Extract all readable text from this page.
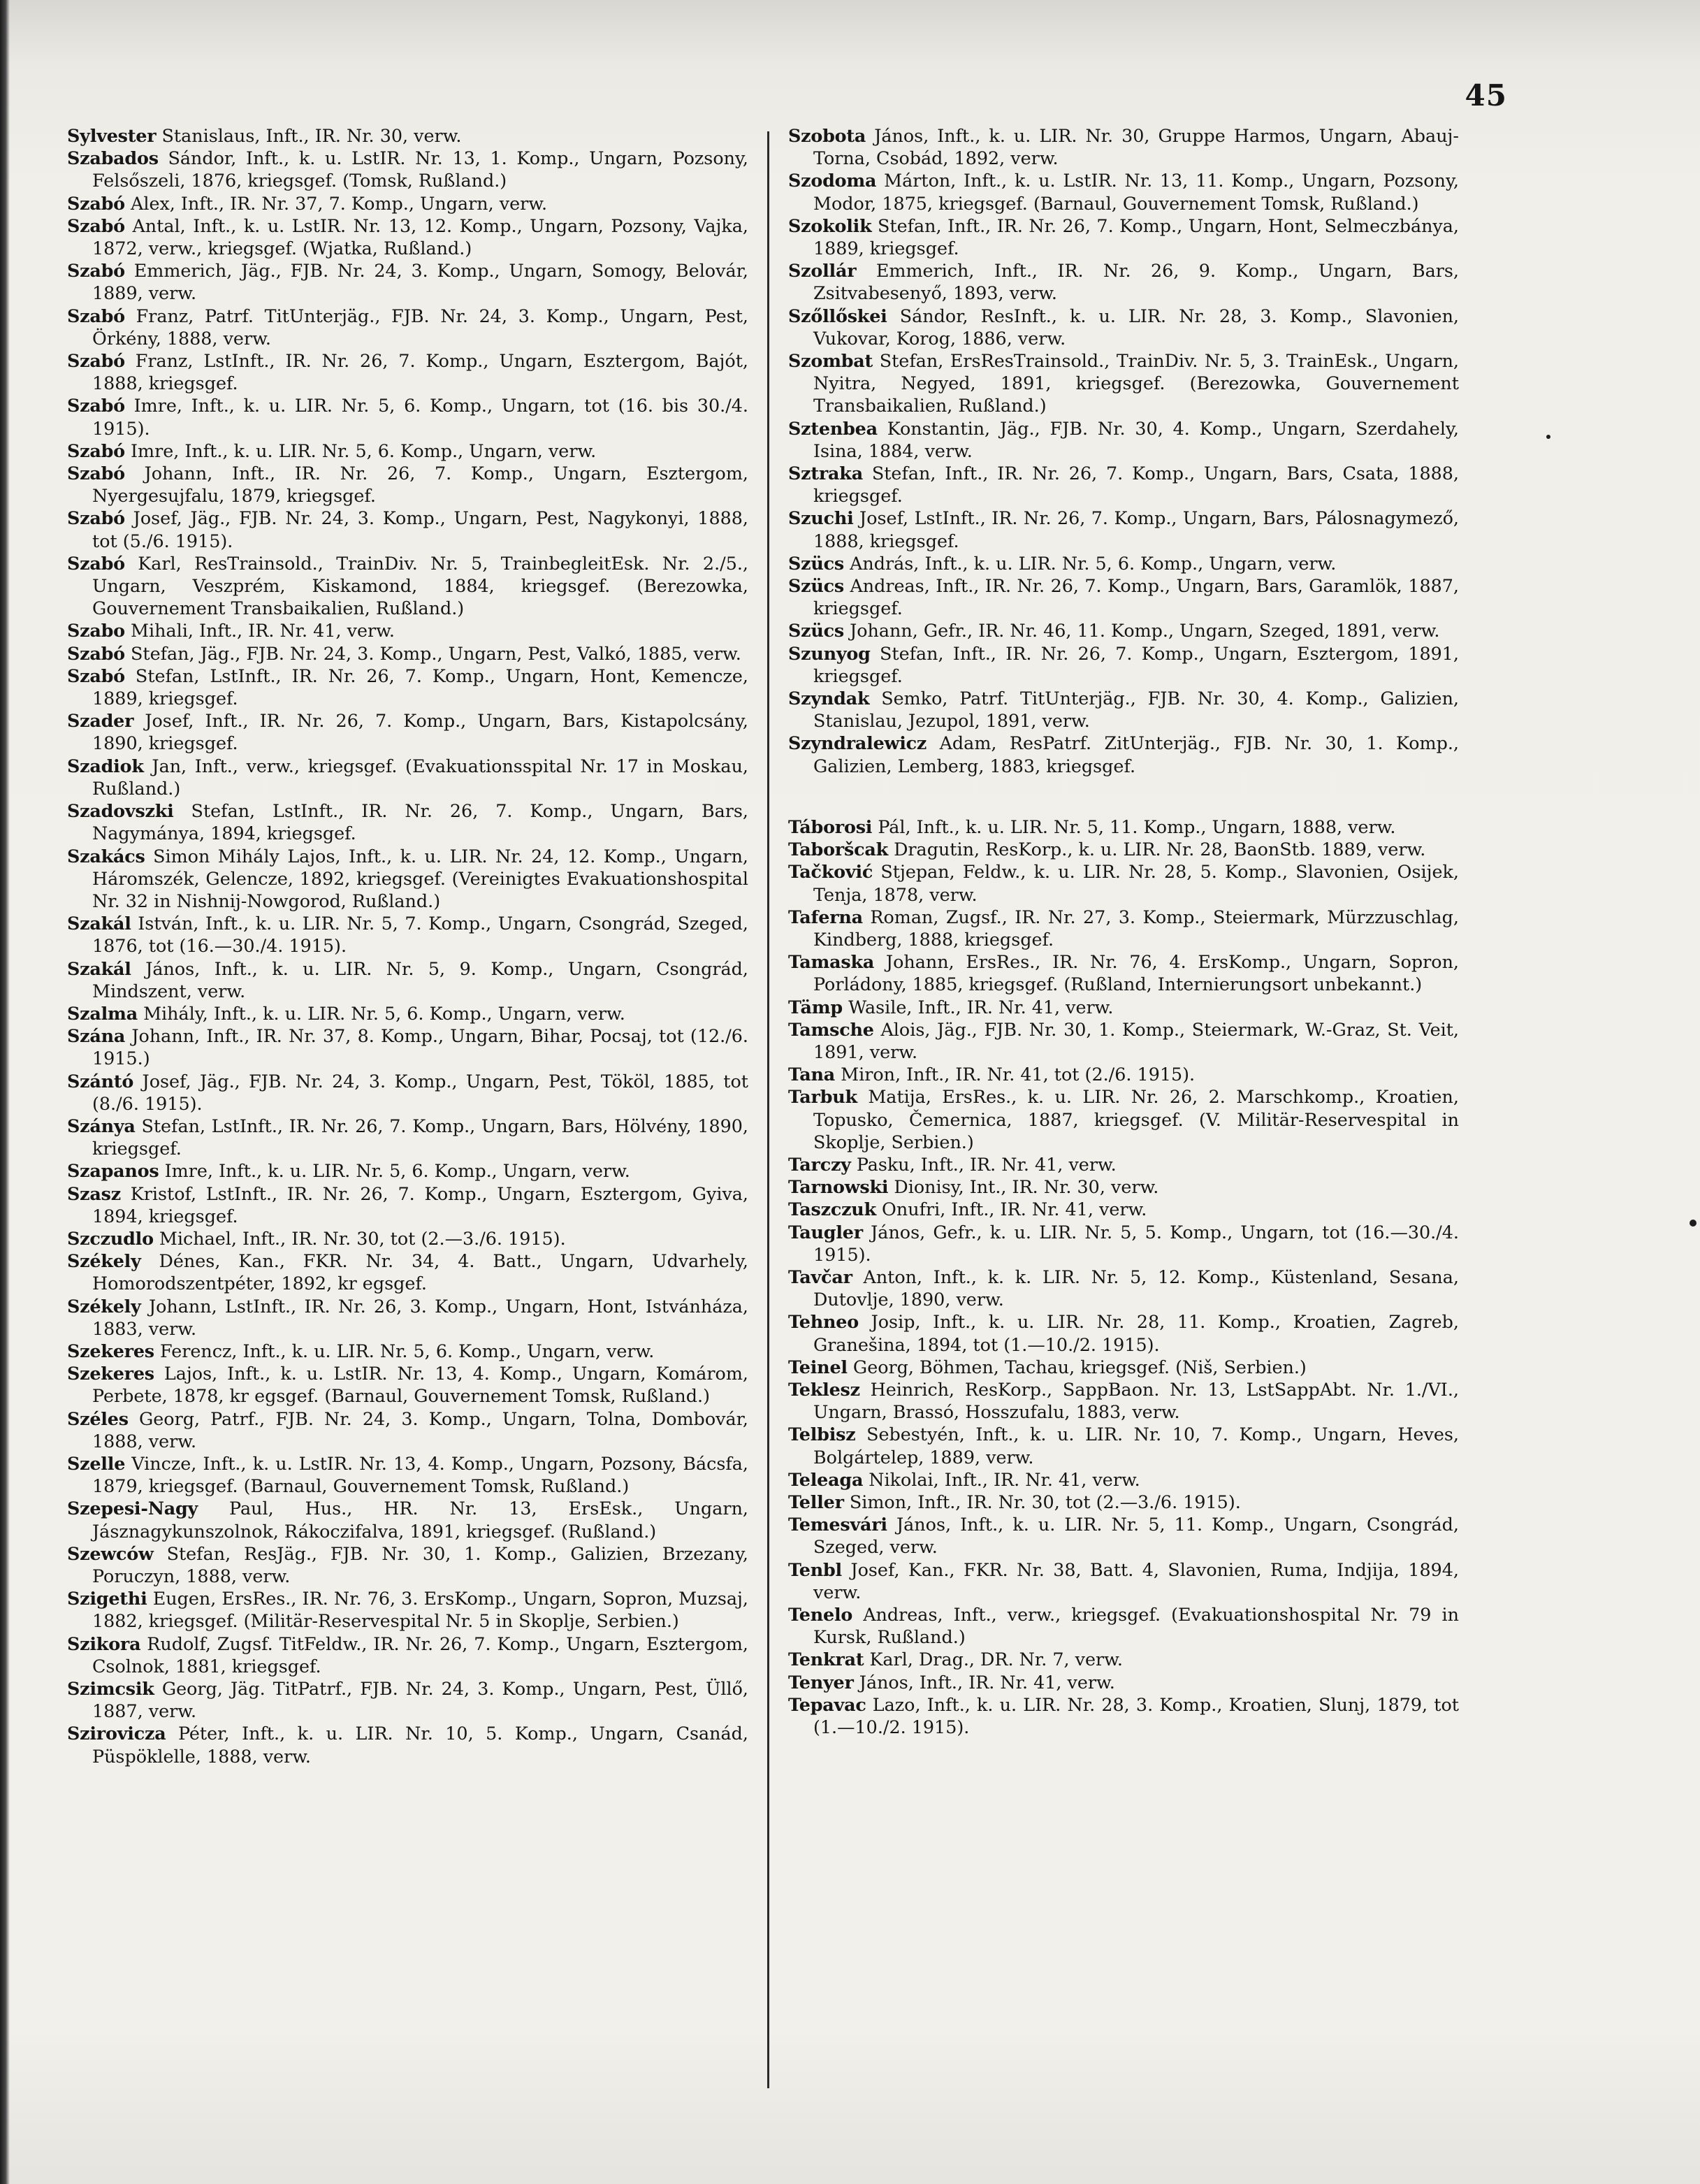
45

Sylvester Stanislaus, Inft., IR. Nr. 30, verw.

Szabados Sándor, Inft., k. u. LstIR. Nr. 13, 1. Komp., Ungarn, Pozsony, Felsőszeli, 1876, kriegsgef. (Tomsk, Rußland.)

Szabó Alex, Inft., IR. Nr. 37, 7. Komp., Ungarn, verw.

Szabó Antal, Inft., k. u. LstIR. Nr. 13, 12. Komp., Ungarn, Pozsony, Vajka, 1872, verw., kriegsgef. (Wjatka, Rußland.)

Szabó Emmerich, Jäg., FJB. Nr. 24, 3. Komp., Ungarn, Somogy, Belovár, 1889, verw.

Szabó Franz, Patrf. TitUnterjäg., FJB. Nr. 24, 3. Komp., Ungarn, Pest, Örkény, 1888, verw.

Szabó Franz, LstInft., IR. Nr. 26, 7. Komp., Ungarn, Esztergom, Bajót, 1888, kriegsgef.

Szabó Imre, Inft., k. u. LIR. Nr. 5, 6. Komp., Ungarn, tot (16. bis 30./4. 1915).

Szabó Imre, Inft., k. u. LIR. Nr. 5, 6. Komp., Ungarn, verw.

Szabó Johann, Inft., IR. Nr. 26, 7. Komp., Ungarn, Esztergom, Nyergesujfalu, 1879, kriegsgef.

Szabó Josef, Jäg., FJB. Nr. 24, 3. Komp., Ungarn, Pest, Nagykonyi, 1888, tot (5./6. 1915).

Szabó Karl, ResTrainsold., TrainDiv. Nr. 5, TrainbegleitEsk. Nr. 2./5., Ungarn, Veszprém, Kiskamond, 1884, kriegsgef. (Berezowka, Gouvernement Transbaikalien, Rußland.)

Szabo Mihali, Inft., IR. Nr. 41, verw.

Szabó Stefan, Jäg., FJB. Nr. 24, 3. Komp., Ungarn, Pest, Valkó, 1885, verw.

Szabó Stefan, LstInft., IR. Nr. 26, 7. Komp., Ungarn, Hont, Kemencze, 1889, kriegsgef.

Szader Josef, Inft., IR. Nr. 26, 7. Komp., Ungarn, Bars, Kistapolcsány, 1890, kriegsgef.

Szadiok Jan, Inft., verw., kriegsgef. (Evakuationsspital Nr. 17 in Moskau, Rußland.)

Szadovszki Stefan, LstInft., IR. Nr. 26, 7. Komp., Ungarn, Bars, Nagymánya, 1894, kriegsgef.

Szakács Simon Mihály Lajos, Inft., k. u. LIR. Nr. 24, 12. Komp., Ungarn, Háromszék, Gelencze, 1892, kriegsgef. (Vereinigtes Evakuationshospital Nr. 32 in Nishnij-Nowgorod, Rußland.)

Szakál István, Inft., k. u. LIR. Nr. 5, 7. Komp., Ungarn, Csongrád, Szeged, 1876, tot (16.—30./4. 1915).

Szakál János, Inft., k. u. LIR. Nr. 5, 9. Komp., Ungarn, Csongrád, Mindszent, verw.

Szalma Mihály, Inft., k. u. LIR. Nr. 5, 6. Komp., Ungarn, verw.

Szána Johann, Inft., IR. Nr. 37, 8. Komp., Ungarn, Bihar, Pocsaj, tot (12./6. 1915.)

Szántó Josef, Jäg., FJB. Nr. 24, 3. Komp., Ungarn, Pest, Tököl, 1885, tot (8./6. 1915).

Szánya Stefan, LstInft., IR. Nr. 26, 7. Komp., Ungarn, Bars, Hölvény, 1890, kriegsgef.

Szapanos Imre, Inft., k. u. LIR. Nr. 5, 6. Komp., Ungarn, verw.

Szasz Kristof, LstInft., IR. Nr. 26, 7. Komp., Ungarn, Esztergom, Gyiva, 1894, kriegsgef.

Szczudlo Michael, Inft., IR. Nr. 30, tot (2.—3./6. 1915).

Székely Dénes, Kan., FKR. Nr. 34, 4. Batt., Ungarn, Udvarhely, Homorodszentpéter, 1892, kr egsgef.

Székely Johann, LstInft., IR. Nr. 26, 3. Komp., Ungarn, Hont, Istvánháza, 1883, verw.

Szekeres Ferencz, Inft., k. u. LIR. Nr. 5, 6. Komp., Ungarn, verw.

Szekeres Lajos, Inft., k. u. LstIR. Nr. 13, 4. Komp., Ungarn, Komárom, Perbete, 1878, kr egsgef. (Barnaul, Gouvernement Tomsk, Rußland.)

Széles Georg, Patrf., FJB. Nr. 24, 3. Komp., Ungarn, Tolna, Dombovár, 1888, verw.

Szelle Vincze, Inft., k. u. LstIR. Nr. 13, 4. Komp., Ungarn, Pozsony, Bácsfa, 1879, kriegsgef. (Barnaul, Gouvernement Tomsk, Rußland.)

Szepesi-Nagy Paul, Hus., HR. Nr. 13, ErsEsk., Ungarn, Jásznagykunszolnok, Rákoczifalva, 1891, kriegsgef. (Rußland.)

Szewców Stefan, ResJäg., FJB. Nr. 30, 1. Komp., Galizien, Brzezany, Poruczyn, 1888, verw.

Szigethi Eugen, ErsRes., IR. Nr. 76, 3. ErsKomp., Ungarn, Sopron, Muzsaj, 1882, kriegsgef. (Militär-Reservespital Nr. 5 in Skoplje, Serbien.)

Szikora Rudolf, Zugsf. TitFeldw., IR. Nr. 26, 7. Komp., Ungarn, Esztergom, Csolnok, 1881, kriegsgef.

Szimcsik Georg, Jäg. TitPatrf., FJB. Nr. 24, 3. Komp., Ungarn, Pest, Üllő, 1887, verw.

Szirovicza Péter, Inft., k. u. LIR. Nr. 10, 5. Komp., Ungarn, Csanád, Püspöklelle, 1888, verw.

Szobota János, Inft., k. u. LIR. Nr. 30, Gruppe Harmos, Ungarn, Abauj-Torna, Csobád, 1892, verw.

Szodoma Márton, Inft., k. u. LstIR. Nr. 13, 11. Komp., Ungarn, Pozsony, Modor, 1875, kriegsgef. (Barnaul, Gouvernement Tomsk, Rußland.)

Szokolik Stefan, Inft., IR. Nr. 26, 7. Komp., Ungarn, Hont, Selmeczbánya, 1889, kriegsgef.

Szollár Emmerich, Inft., IR. Nr. 26, 9. Komp., Ungarn, Bars, Zsitvabesenyő, 1893, verw.

Szőllőskei Sándor, ResInft., k. u. LIR. Nr. 28, 3. Komp., Slavonien, Vukovar, Korog, 1886, verw.

Szombat Stefan, ErsResTrainsold., TrainDiv. Nr. 5, 3. TrainEsk., Ungarn, Nyitra, Negyed, 1891, kriegsgef. (Berezowka, Gouvernement Transbaikalien, Rußland.)

Sztenbea Konstantin, Jäg., FJB. Nr. 30, 4. Komp., Ungarn, Szerdahely, Isina, 1884, verw.

Sztraka Stefan, Inft., IR. Nr. 26, 7. Komp., Ungarn, Bars, Csata, 1888, kriegsgef.

Szuchi Josef, LstInft., IR. Nr. 26, 7. Komp., Ungarn, Bars, Pálosnagymező, 1888, kriegsgef.

Szücs András, Inft., k. u. LIR. Nr. 5, 6. Komp., Ungarn, verw.

Szücs Andreas, Inft., IR. Nr. 26, 7. Komp., Ungarn, Bars, Garamlök, 1887, kriegsgef.

Szücs Johann, Gefr., IR. Nr. 46, 11. Komp., Ungarn, Szeged, 1891, verw.

Szunyog Stefan, Inft., IR. Nr. 26, 7. Komp., Ungarn, Esztergom, 1891, kriegsgef.

Szyndak Semko, Patrf. TitUnterjäg., FJB. Nr. 30, 4. Komp., Galizien, Stanislau, Jezupol, 1891, verw.

Szyndralewicz Adam, ResPatrf. ZitUnterjäg., FJB. Nr. 30, 1. Komp., Galizien, Lemberg, 1883, kriegsgef.

Táborosi Pál, Inft., k. u. LIR. Nr. 5, 11. Komp., Ungarn, 1888, verw.

Taboršcak Dragutin, ResKorp., k. u. LIR. Nr. 28, BaonStb. 1889, verw.

Tačković Stjepan, Feldw., k. u. LIR. Nr. 28, 5. Komp., Slavonien, Osijek, Tenja, 1878, verw.

Taferna Roman, Zugsf., IR. Nr. 27, 3. Komp., Steiermark, Mürzzuschlag, Kindberg, 1888, kriegsgef.

Tamaska Johann, ErsRes., IR. Nr. 76, 4. ErsKomp., Ungarn, Sopron, Porládony, 1885, kriegsgef. (Rußland, Internierungsort unbekannt.)

Tämp Wasile, Inft., IR. Nr. 41, verw.

Tamsche Alois, Jäg., FJB. Nr. 30, 1. Komp., Steiermark, W.-Graz, St. Veit, 1891, verw.

Tana Miron, Inft., IR. Nr. 41, tot (2./6. 1915).

Tarbuk Matija, ErsRes., k. u. LIR. Nr. 26, 2. Marschkomp., Kroatien, Topusko, Čemernica, 1887, kriegsgef. (V. Militär-Reservespital in Skoplje, Serbien.)

Tarczy Pasku, Inft., IR. Nr. 41, verw.

Tarnowski Dionisy, Int., IR. Nr. 30, verw.

Taszczuk Onufri, Inft., IR. Nr. 41, verw.

Taugler János, Gefr., k. u. LIR. Nr. 5, 5. Komp., Ungarn, tot (16.—30./4. 1915).

Tavčar Anton, Inft., k. k. LIR. Nr. 5, 12. Komp., Küstenland, Sesana, Dutovlje, 1890, verw.

Tehneo Josip, Inft., k. u. LIR. Nr. 28, 11. Komp., Kroatien, Zagreb, Granešina, 1894, tot (1.—10./2. 1915).

Teinel Georg, Böhmen, Tachau, kriegsgef. (Niš, Serbien.)

Teklesz Heinrich, ResKorp., SappBaon. Nr. 13, LstSappAbt. Nr. 1./VI., Ungarn, Brassó, Hosszufalu, 1883, verw.

Telbisz Sebestyén, Inft., k. u. LIR. Nr. 10, 7. Komp., Ungarn, Heves, Bolgártelep, 1889, verw.

Teleaga Nikolai, Inft., IR. Nr. 41, verw.

Teller Simon, Inft., IR. Nr. 30, tot (2.—3./6. 1915).

Temesvári János, Inft., k. u. LIR. Nr. 5, 11. Komp., Ungarn, Csongrád, Szeged, verw.

Tenbl Josef, Kan., FKR. Nr. 38, Batt. 4, Slavonien, Ruma, Indjija, 1894, verw.

Tenelo Andreas, Inft., verw., kriegsgef. (Evakuationshospital Nr. 79 in Kursk, Rußland.)

Tenkrat Karl, Drag., DR. Nr. 7, verw.

Tenyer János, Inft., IR. Nr. 41, verw.

Tepavac Lazo, Inft., k. u. LIR. Nr. 28, 3. Komp., Kroatien, Slunj, 1879, tot (1.—10./2. 1915).
